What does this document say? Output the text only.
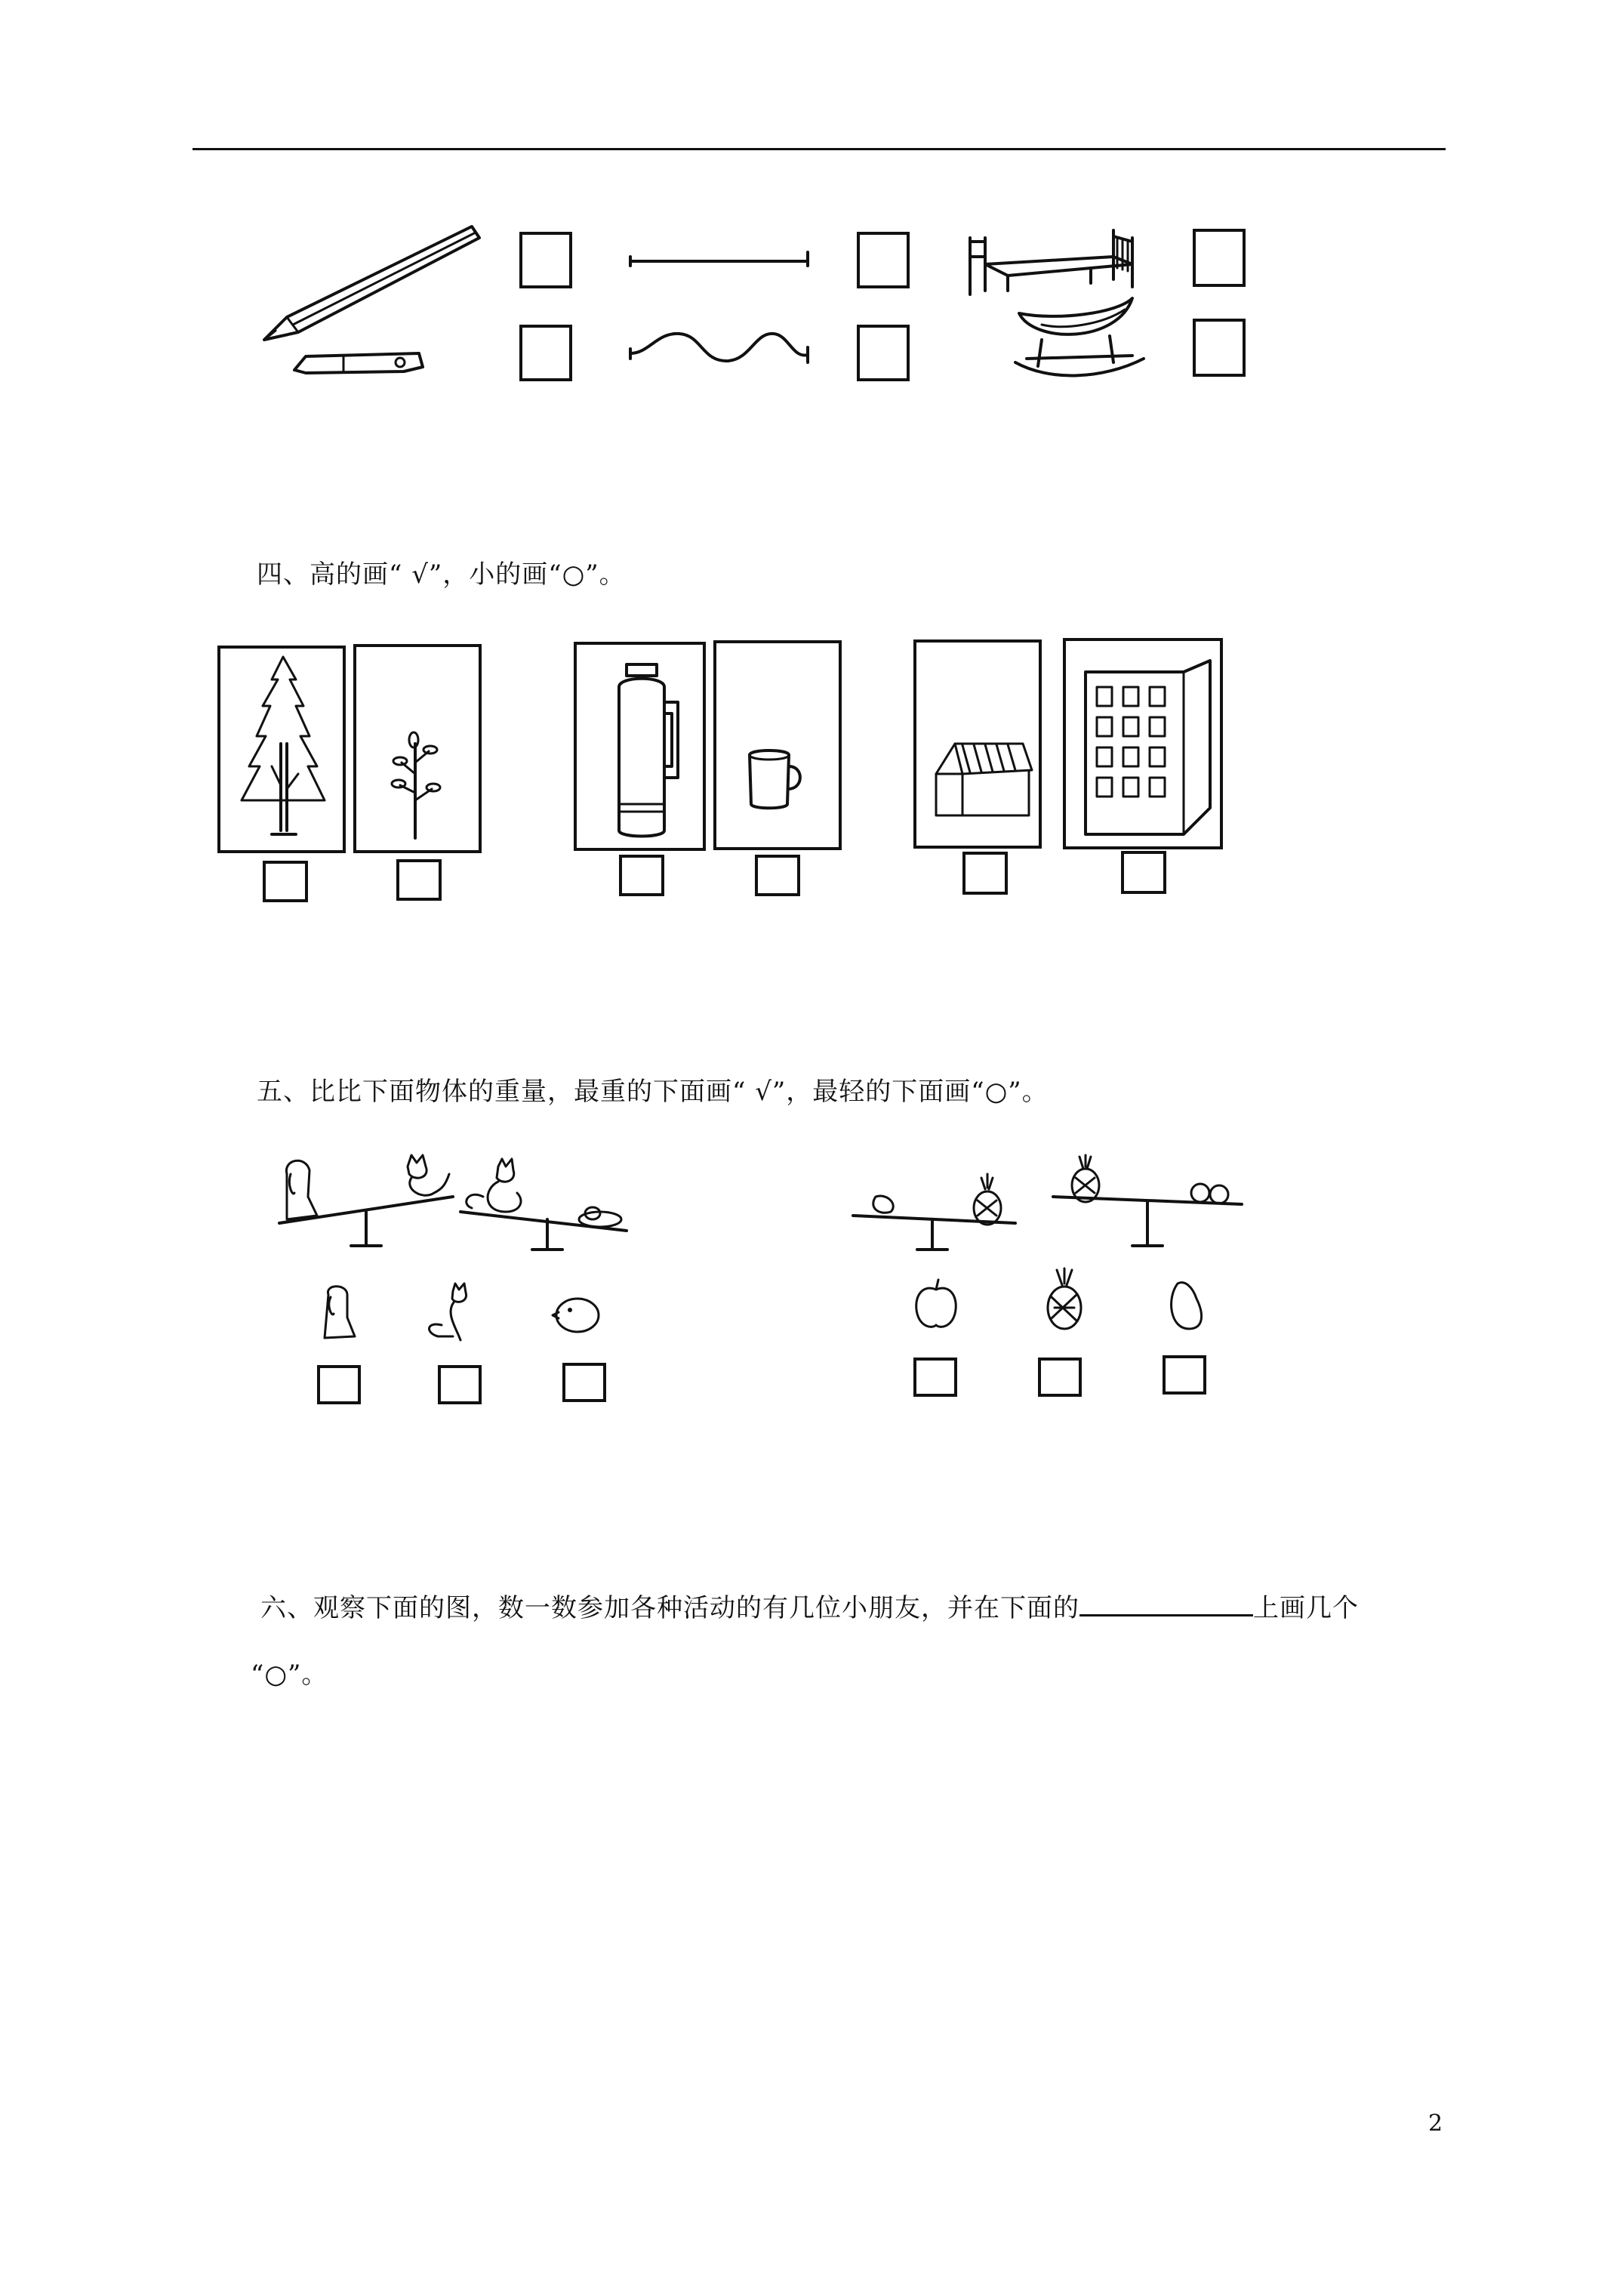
四、高的画“ √”，小的画“○”。
五、比比下面物体的重量，最重的下面画“ √”，最轻的下面画“○”。
六、观察下面的图，数一数参加各种活动的有几位小朋友，并在下面的	上画几个
“○”。
2
